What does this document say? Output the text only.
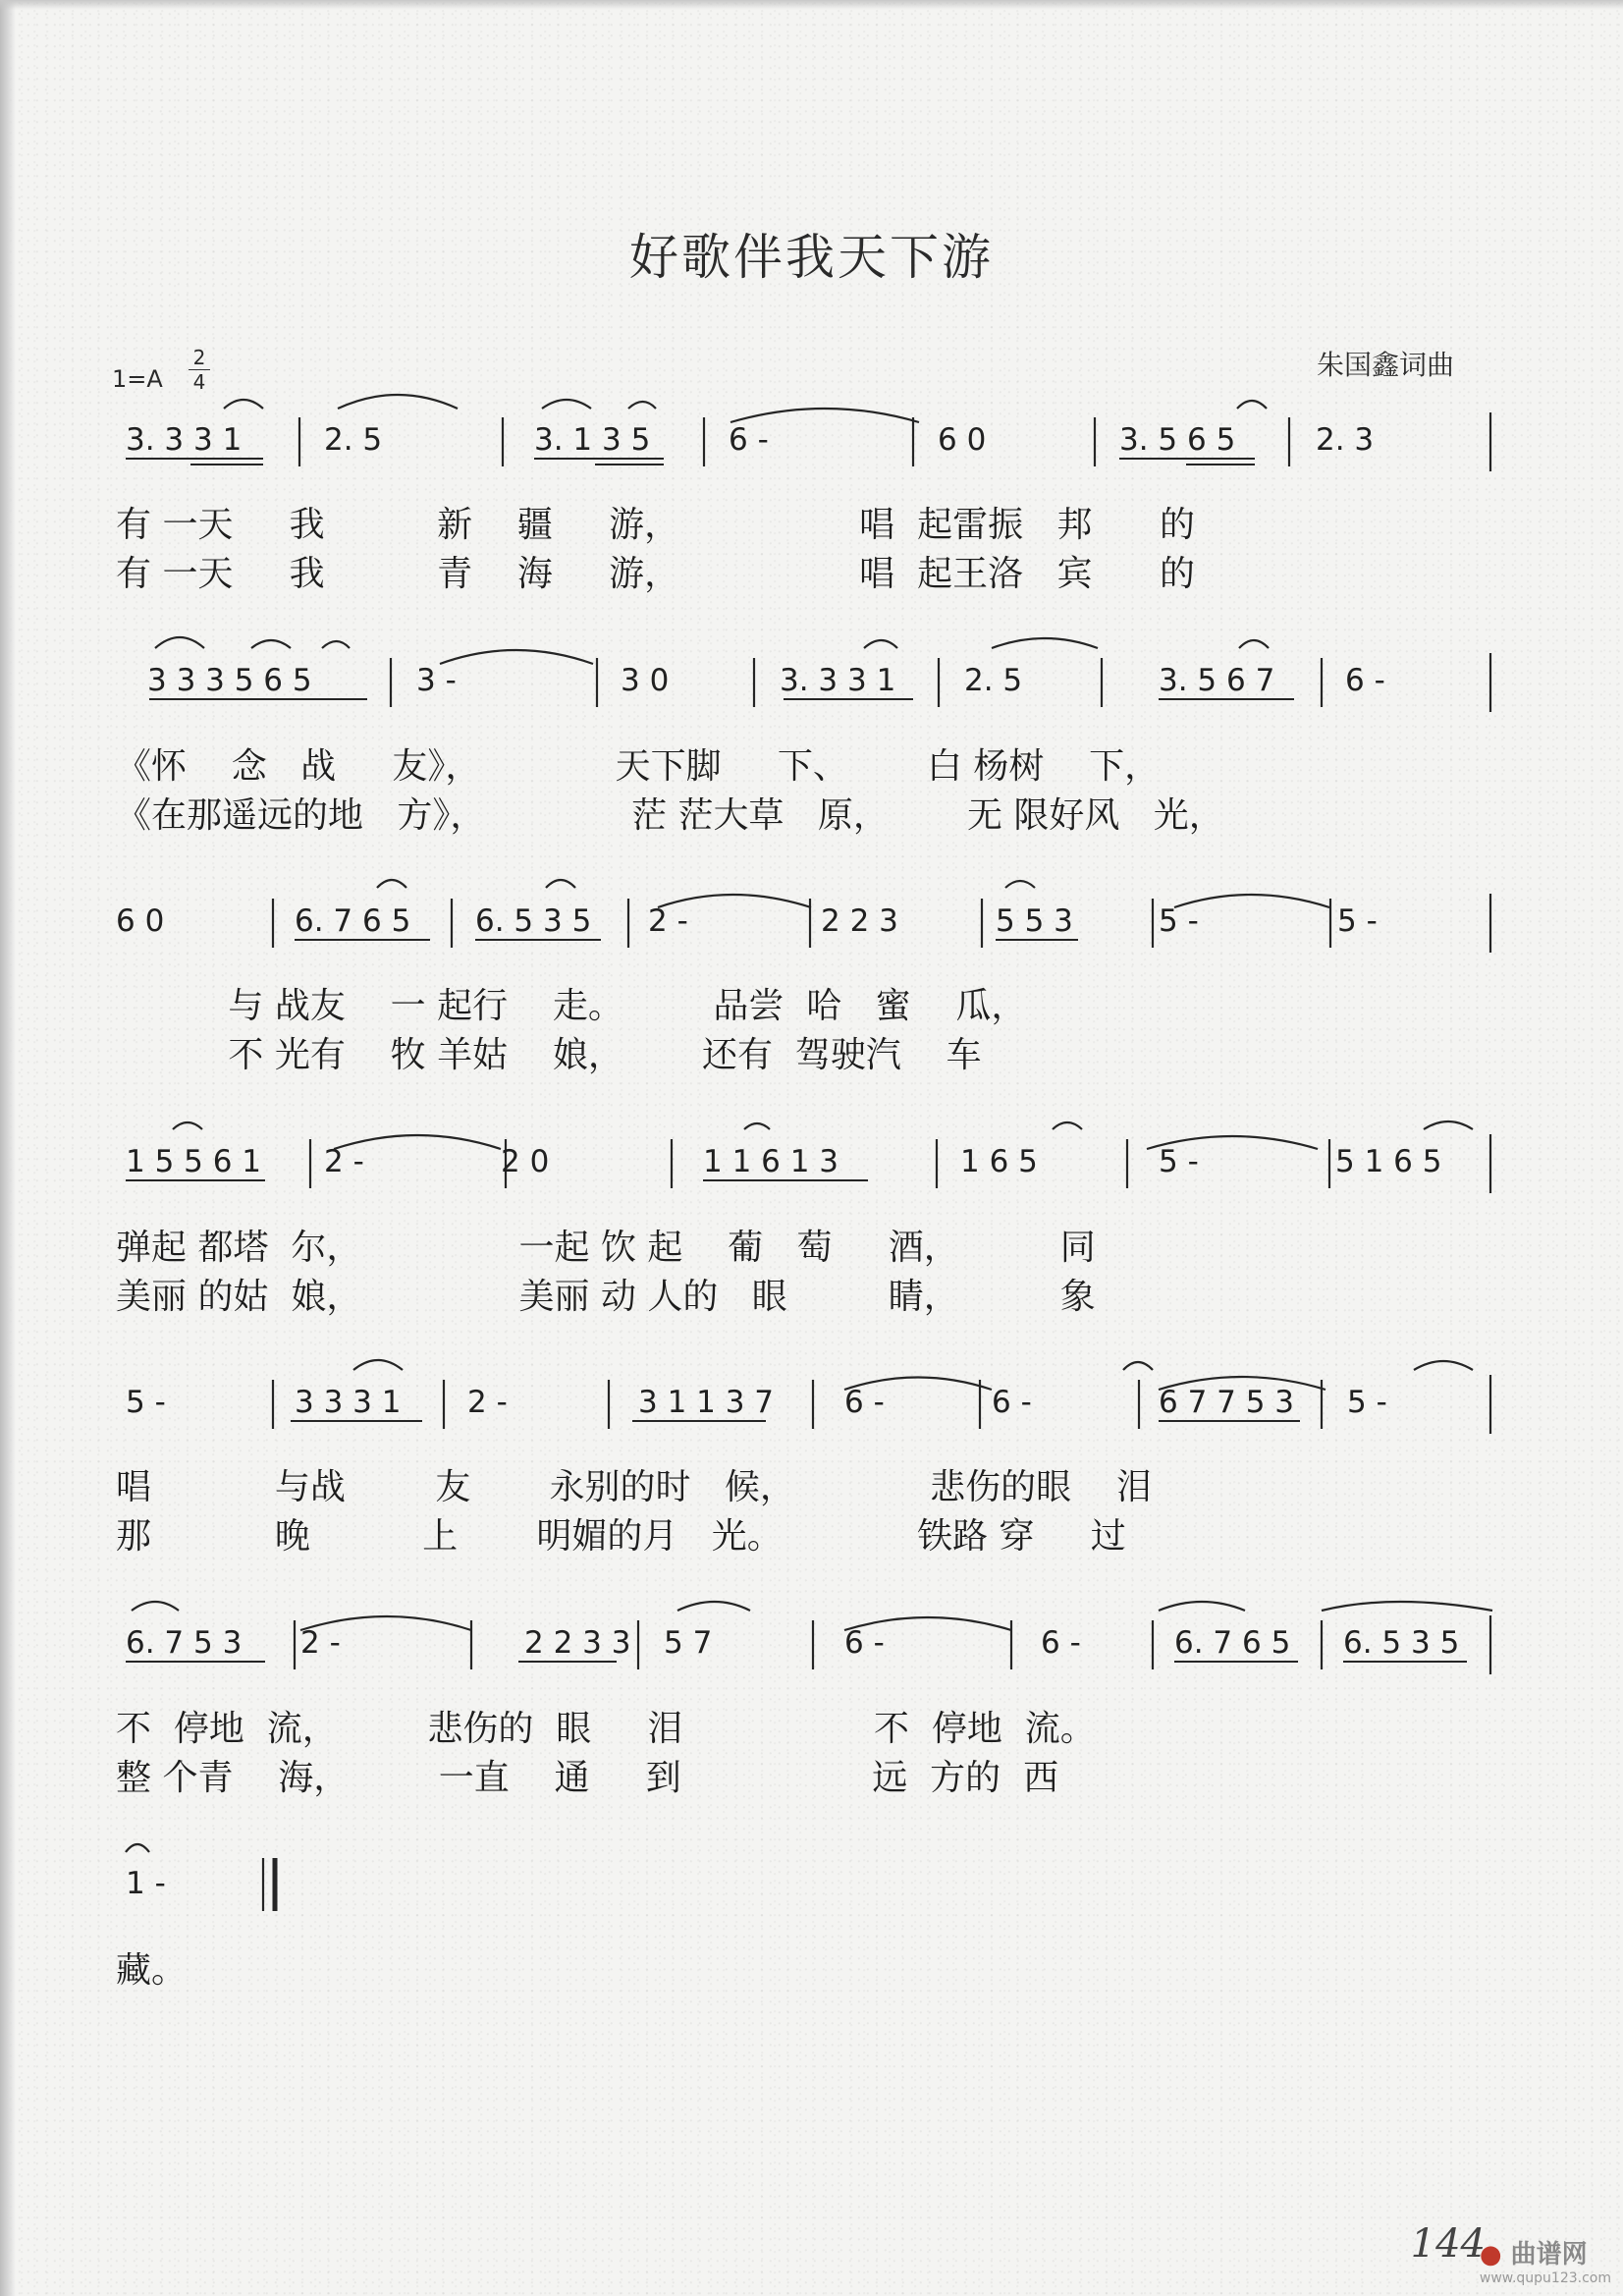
好歌伴我天下游
朱国鑫词曲
$1=A \frac{2}{4}$
3. 3 3 1	2. 5	3. 1 3 5	6 -	6 0	3. 5 6 5	2. 3
3 3 3 5 6 5	3 -	3 0	3. 3 3 1 2. 5	3. 5 6 7 6 -
6 0	6. 7 6 5 6. 5 3 5 2 -	2 2 3	5 5 3	5 -	5 -
1 5 5 6 1 2 -	2 0	1 1 6 1 3	1 6 5	5 -	5 1 6 5
5 -	3 3 3 1 2 -	3 1 1 3 7 6 -	6 -	6 7 7 5 3 5 -
6. 7 5 3 2 -	2 2 3 3 5 7	6 -	6 -	6. 7 6 5 6. 5 3 5
1 -
有 一天     我          新    疆     游，                唱  起雷振   邦      的
有 一天     我          青    海     游，                唱  起王洛   宾      的
《怀    念   战     友》，            天下脚     下、       白 杨树    下，
《在那遥远的地   方》，             茫 茫大草   原，       无 限好风   光，
与 战友    一 起行    走。        品尝  哈   蜜    瓜，
不 光有    牧 羊姑    娘，       还有  驾驶汽    车
弹起 都塔  尔，              一起 饮 起    葡   萄     酒，         同
美丽 的姑  娘，              美丽 动 人的   眼         睛，         象
唱           与战        友       永别的时   候，            悲伤的眼    泪
那           晚          上       明媚的月   光。            铁路 穿     过
不  停地  流，        悲伤的  眼     泪                 不  停地  流。
整 个青    海，        一直    通     到                 远  方的  西
藏。
144
● 曲谱网
www.qupu123.com
